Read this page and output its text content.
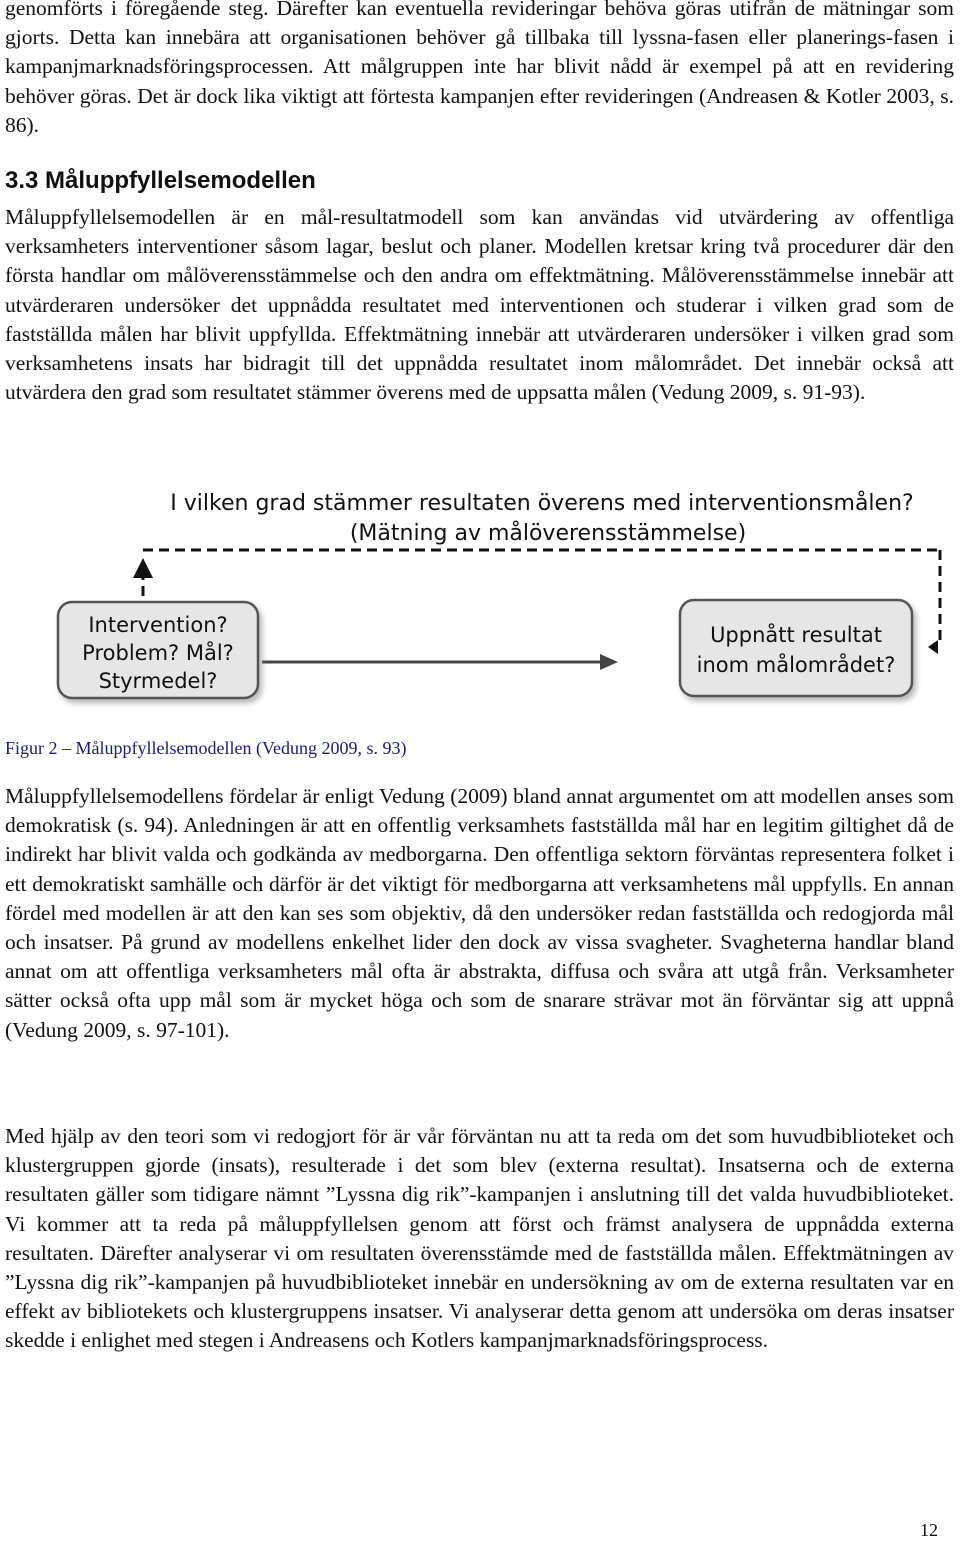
genomförts i föregående steg. Därefter kan eventuella revideringar behöva göras utifrån de mätningar som gjorts. Detta kan innebära att organisationen behöver gå tillbaka till lyssna-fasen eller planerings-fasen i kampanjmarknadsföringsprocessen. Att målgruppen inte har blivit nådd är exempel på att en revidering behöver göras. Det är dock lika viktigt att förtesta kampanjen efter revideringen (Andreasen & Kotler 2003, s. 86).

3.3 Måluppfyllelsemodellen

Måluppfyllelsemodellen är en mål-resultatmodell som kan användas vid utvärdering av offentliga verksamheters interventioner såsom lagar, beslut och planer. Modellen kretsar kring två procedurer där den första handlar om målöverensstämmelse och den andra om effektmätning. Målöverensstämmelse innebär att utvärderaren undersöker det uppnådda resultatet med interventionen och studerar i vilken grad som de fastställda målen har blivit uppfyllda. Effektmätning innebär att utvärderaren undersöker i vilken grad som verksamhetens insats har bidragit till det uppnådda resultatet inom målområdet. Det innebär också att utvärdera den grad som resultatet stämmer överens med de uppsatta målen (Vedung 2009, s. 91-93).

I vilken grad stämmer resultaten överens med interventionsmålen?
(Mätning av målöverensstämmelse)
Intervention?
Problem? Mål?
Styrmedel?
Uppnått resultat
inom målområdet?

Figur 2 – Måluppfyllelsemodellen (Vedung 2009, s. 93)

Måluppfyllelsemodellens fördelar är enligt Vedung (2009) bland annat argumentet om att modellen anses som demokratisk (s. 94). Anledningen är att en offentlig verksamhets fastställda mål har en legitim giltighet då de indirekt har blivit valda och godkända av medborgarna. Den offentliga sektorn förväntas representera folket i ett demokratiskt samhälle och därför är det viktigt för medborgarna att verksamhetens mål uppfylls. En annan fördel med modellen är att den kan ses som objektiv, då den undersöker redan fastställda och redogjorda mål och insatser. På grund av modellens enkelhet lider den dock av vissa svagheter. Svagheterna handlar bland annat om att offentliga verksamheters mål ofta är abstrakta, diffusa och svåra att utgå från. Verksamheter sätter också ofta upp mål som är mycket höga och som de snarare strävar mot än förväntar sig att uppnå (Vedung 2009, s. 97-101).

Med hjälp av den teori som vi redogjort för är vår förväntan nu att ta reda om det som huvudbiblioteket och klustergruppen gjorde (insats), resulterade i det som blev (externa resultat). Insatserna och de externa resultaten gäller som tidigare nämnt ”Lyssna dig rik”-kampanjen i anslutning till det valda huvudbiblioteket. Vi kommer att ta reda på måluppfyllelsen genom att först och främst analysera de uppnådda externa resultaten. Därefter analyserar vi om resultaten överensstämde med de fastställda målen. Effektmätningen av ”Lyssna dig rik”-kampanjen på huvudbiblioteket innebär en undersökning av om de externa resultaten var en effekt av bibliotekets och klustergruppens insatser. Vi analyserar detta genom att undersöka om deras insatser skedde i enlighet med stegen i Andreasens och Kotlers kampanjmarknadsföringsprocess.

12
